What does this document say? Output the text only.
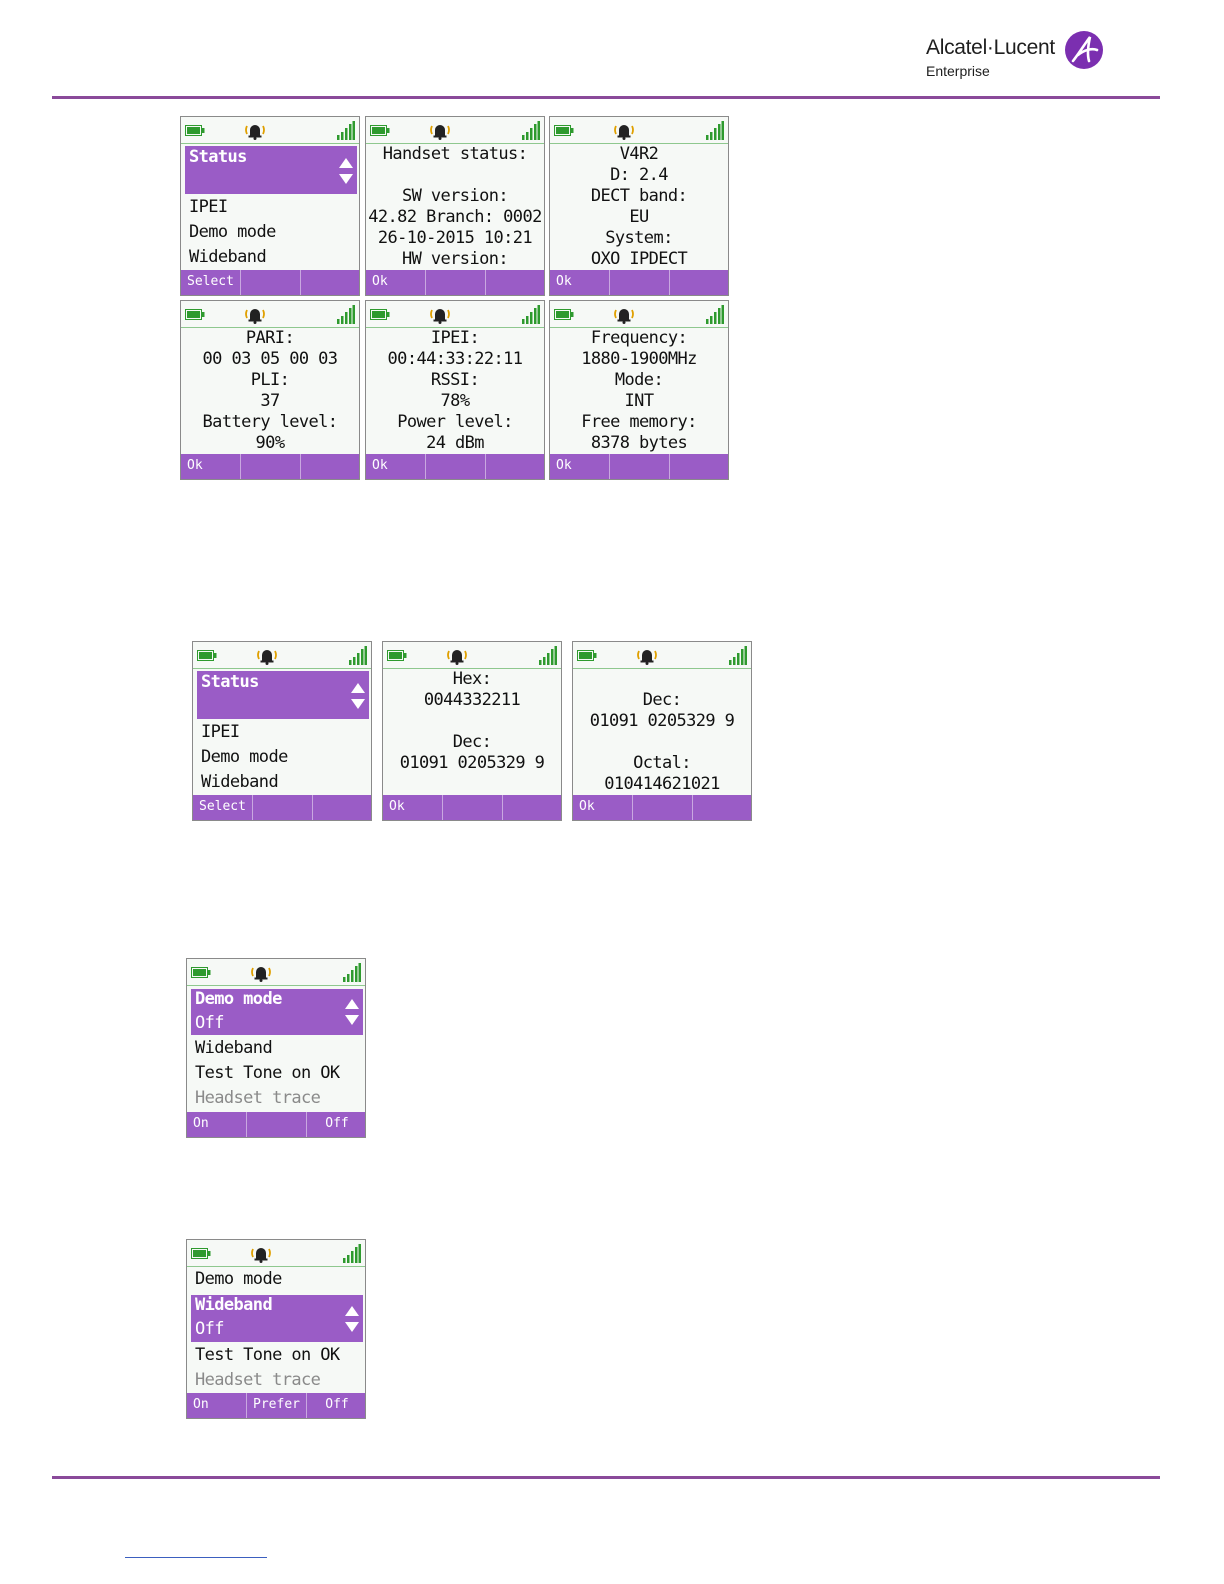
Alcatel·Lucent
Enterprise
Status
IPEI
Demo mode
Wideband
Select
Handset status:
SW version:
42.82 Branch: 0002
26-10-2015 10:21
HW version:
Ok
V4R2
D: 2.4
DECT band:
EU
System:
OXO IPDECT
Ok
PARI:
00 03 05 00 03
PLI:
37
Battery level:
90%
Ok
IPEI:
00:44:33:22:11
RSSI:
78%
Power level:
24 dBm
Ok
Frequency:
1880-1900MHz
Mode:
INT
Free memory:
8378 bytes
Ok
Status
IPEI
Demo mode
Wideband
Select
Hex:
0044332211
Dec:
01091 0205329 9
Ok
Dec:
01091 0205329 9
Octal:
010414621021
Ok
Demo mode
Off
Wideband
Test Tone on OK
Headset trace
On	Off
Demo mode
Wideband
Off
Test Tone on OK
Headset trace
On	Prefer	Off
